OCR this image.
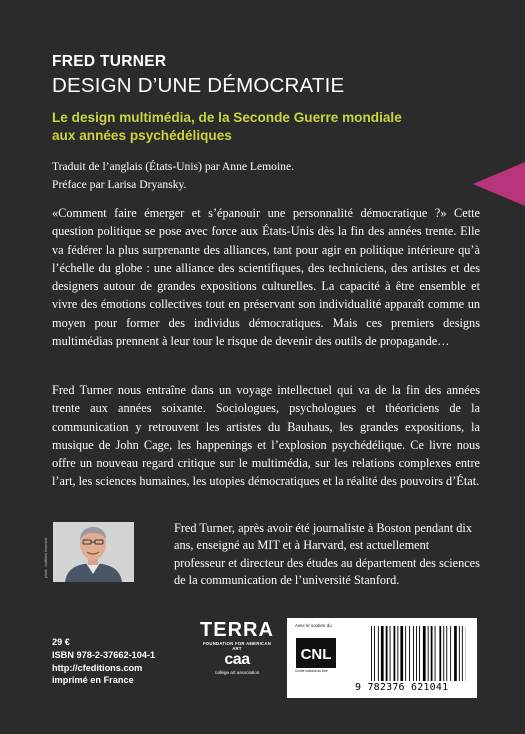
FRED TURNER
DESIGN D’UNE DÉMOCRATIE
Le design multimédia, de la Seconde Guerre mondiale
aux années psychédéliques
Traduit de l’anglais (États-Unis) par Anne Lemoine.
Préface par Larisa Dryansky.
«Comment faire émerger et s’épanouir une personnalité démocratique ?» Cette question politique se pose avec force aux États-Unis dès la fin des années trente. Elle va fédérer la plus surprenante des alliances, tant pour agir en politique intérieure qu’à l’échelle du globe : une alliance des scientifiques, des techniciens, des artistes et des designers autour de grandes expositions culturelles. La capacité à être ensemble et vivre des émotions collectives tout en préservant son individualité apparaît comme un moyen pour former des individus démocratiques. Mais ces premiers designs multimédias prennent à leur tour le risque de devenir des outils de propagande…
Fred Turner nous entraîne dans un voyage intellectuel qui va de la fin des années trente aux années soixante. Sociologues, psychologues et théoriciens de la communication y retrouvent les artistes du Bauhaus, les grandes expositions, la musique de John Cage, les happenings et l’explosion psychédélique. Ce livre nous offre un nouveau regard critique sur le multimédia, sur les relations complexes entre l’art, les sciences humaines, les utopies démocratiques et la réalité des pouvoirs d’État.
photo : matthieu tisserand
Fred Turner, après avoir été journaliste à Boston pendant dix ans, enseigné au MIT et à Harvard, est actuellement professeur et directeur des études au département des sciences de la communication de l’université Stanford.
29 €
ISBN 978-2-37662-104-1
http://cfeditions.com
imprimé en France
TERRA
FOUNDATION FOR AMERICAN ART
caa
college art association
Avec le soutien du
CNL
Centre national du livre
9 782376 621041
